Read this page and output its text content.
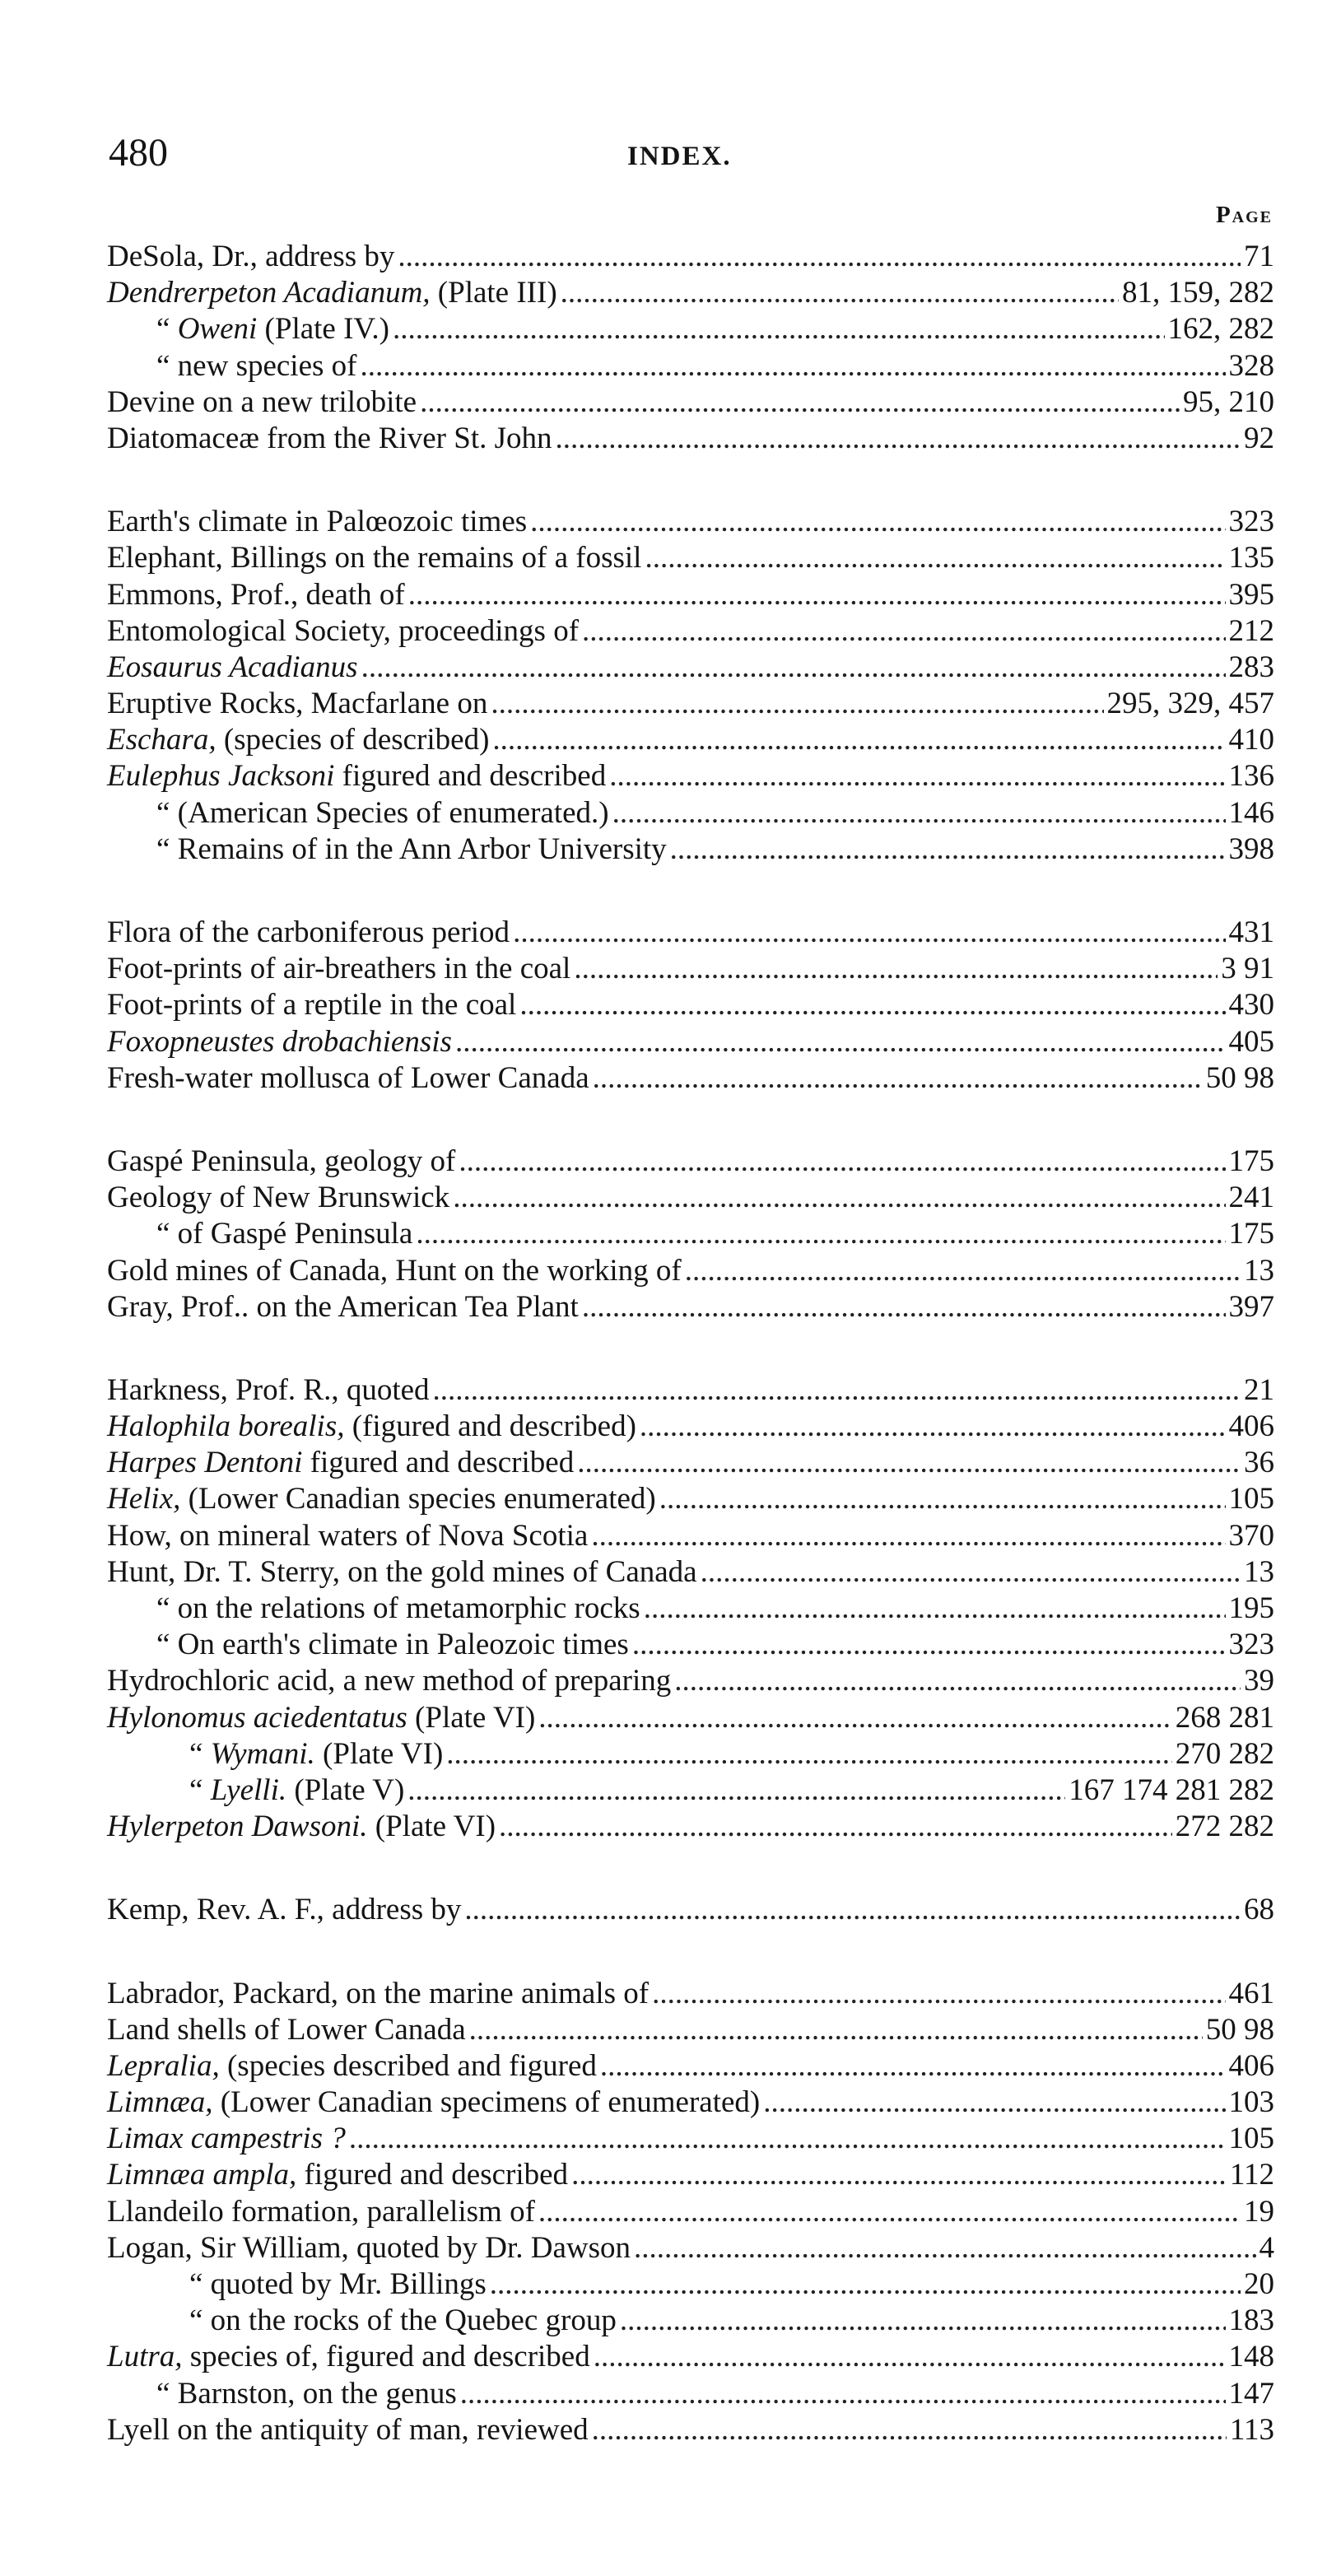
480	INDEX.
Page
DeSola, Dr., address by .....	71
Dendrerpeton Acadianum, (Plate III) .....	81, 159, 282
“ Oweni (Plate IV.) .....	162, 282
“ new species of .....	328
Devine on a new trilobite .....	95, 210
Diatomaceæ from the River St. John .....	92
Earth's climate in Palœozoic times .....	323
Elephant, Billings on the remains of a fossil .....	135
Emmons, Prof., death of .....	395
Entomological Society, proceedings of .....	212
Eosaurus Acadianus .....	283
Eruptive Rocks, Macfarlane on .....	295, 329, 457
Eschara, (species of described) .....	410
Eulephus Jacksoni figured and described .....	136
“ (American Species of enumerated.) .....	146
“ Remains of in the Ann Arbor University .....	398
Flora of the carboniferous period .....	431
Foot-prints of air-breathers in the coal .....	3 91
Foot-prints of a reptile in the coal .....	430
Foxopneustes drobachiensis .....	405
Fresh-water mollusca of Lower Canada .....	50 98
Gaspé Peninsula, geology of .....	175
Geology of New Brunswick .....	241
“ of Gaspé Peninsula .....	175
Gold mines of Canada, Hunt on the working of .....	13
Gray, Prof.. on the American Tea Plant .....	397
Harkness, Prof. R., quoted .....	21
Halophila borealis, (figured and described) .....	406
Harpes Dentoni figured and described .....	36
Helix, (Lower Canadian species enumerated) .....	105
How, on mineral waters of Nova Scotia .....	370
Hunt, Dr. T. Sterry, on the gold mines of Canada .....	13
“ on the relations of metamorphic rocks .....	195
“ On earth's climate in Paleozoic times .....	323
Hydrochloric acid, a new method of preparing .....	39
Hylonomus aciedentatus (Plate VI) .....	268 281
“ Wymani. (Plate VI) .....	270 282
“ Lyelli. (Plate V) .....	167 174 281 282
Hylerpeton Dawsoni. (Plate VI) .....	272 282
Kemp, Rev. A. F., address by .....	68
Labrador, Packard, on the marine animals of .....	461
Land shells of Lower Canada .....	50 98
Lepralia, (species described and figured .....	406
Limnæa, (Lower Canadian specimens of enumerated) .....	103
Limax campestris ? .....	105
Limnæa ampla, figured and described .....	112
Llandeilo formation, parallelism of .....	19
Logan, Sir William, quoted by Dr. Dawson .....	4
“ quoted by Mr. Billings .....	20
“ on the rocks of the Quebec group .....	183
Lutra, species of, figured and described .....	148
“ Barnston, on the genus .....	147
Lyell on the antiquity of man, reviewed .....	113
